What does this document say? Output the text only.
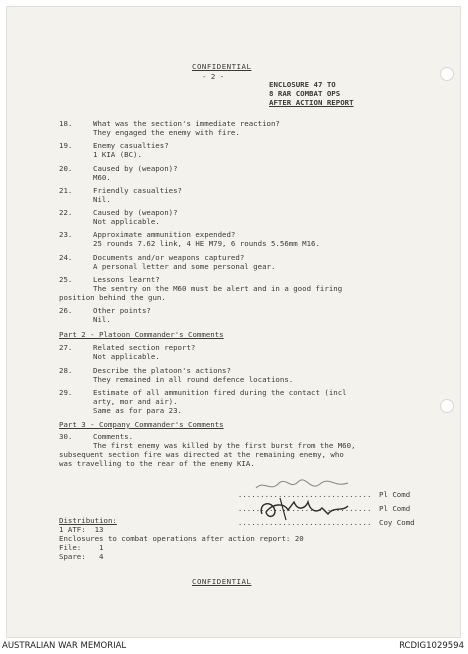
CONFIDENTIAL
- 2 -
ENCLOSURE 47 TO
8 RAR COMBAT OPS
AFTER ACTION REPORT
18.	What was the section's immediate reaction?
They engaged the enemy with fire.
19.	Enemy casualties?
1 KIA (BC).
20.	Caused by (weapon)?
M60.
21.	Friendly casualties?
Nil.
22.	Caused by (weapon)?
Not applicable.
23.	Approximate ammunition expended?
25 rounds 7.62 link, 4 HE M79, 6 rounds 5.56mm M16.
24.	Documents and/or weapons captured?
A personal letter and some personal gear.
25.	Lessons learnt?
The sentry on the M60 must be alert and in a good firing
position behind the gun.
26.	Other points?
Nil.
Part 2 - Platoon Commander's Comments
27.	Related section report?
Not applicable.
28.	Describe the platoon's actions?
They remained in all round defence locations.
29.	Estimate of all ammunition fired during the contact (incl
arty, mor and air).
Same as for para 23.
Part 3 - Company Commander's Comments
30.	Comments.
The first enemy was killed by the first burst from the M60,
subsequent section fire was directed at the remaining enemy, who
was travelling to the rear of the enemy KIA.

.............................. Pl Comd

.............................. Pl Comd

.............................. Coy Comd

Distribution:
1 ATF:  13
Enclosures to combat operations after action report: 20
File:    1
Spare:   4
CONFIDENTIAL
AUSTRALIAN WAR MEMORIAL	RCDIG1029594
